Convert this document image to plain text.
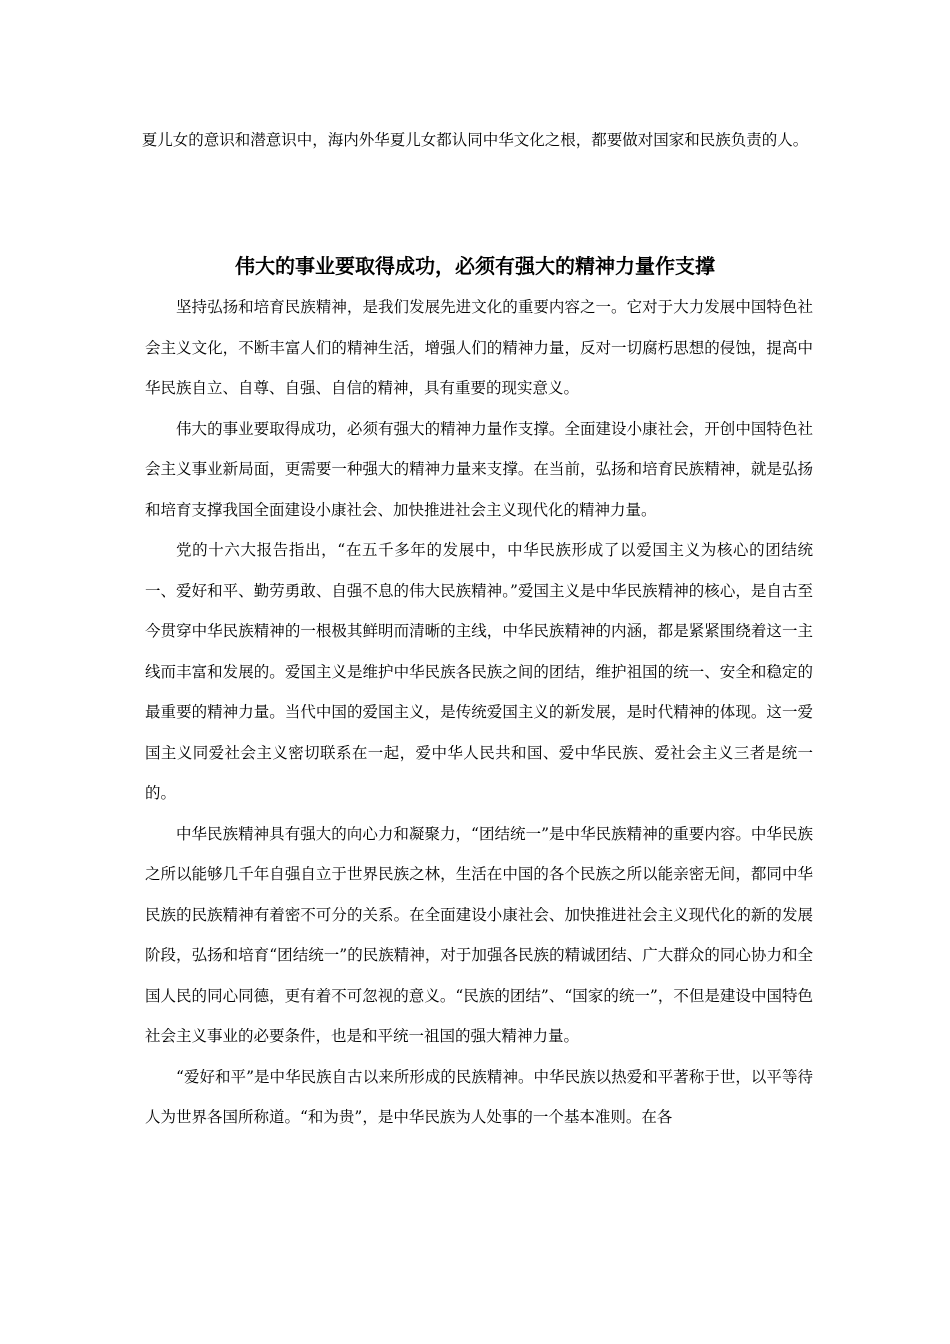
夏儿女的意识和潜意识中，海内外华夏儿女都认同中华文化之根，都要做对国家和民族负责的人。

伟大的事业要取得成功，必须有强大的精神力量作支撑

坚持弘扬和培育民族精神，是我们发展先进文化的重要内容之一。它对于大力发展中国特色社会主义文化，不断丰富人们的精神生活，增强人们的精神力量，反对一切腐朽思想的侵蚀，提高中华民族自立、自尊、自强、自信的精神，具有重要的现实意义。

伟大的事业要取得成功，必须有强大的精神力量作支撑。全面建设小康社会，开创中国特色社会主义事业新局面，更需要一种强大的精神力量来支撑。在当前，弘扬和培育民族精神，就是弘扬和培育支撑我国全面建设小康社会、加快推进社会主义现代化的精神力量。

党的十六大报告指出，“在五千多年的发展中，中华民族形成了以爱国主义为核心的团结统一、爱好和平、勤劳勇敢、自强不息的伟大民族精神。”爱国主义是中华民族精神的核心，是自古至今贯穿中华民族精神的一根极其鲜明而清晰的主线，中华民族精神的内涵，都是紧紧围绕着这一主线而丰富和发展的。爱国主义是维护中华民族各民族之间的团结，维护祖国的统一、安全和稳定的最重要的精神力量。当代中国的爱国主义，是传统爱国主义的新发展，是时代精神的体现。这一爱国主义同爱社会主义密切联系在一起，爱中华人民共和国、爱中华民族、爱社会主义三者是统一的。

中华民族精神具有强大的向心力和凝聚力，“团结统一”是中华民族精神的重要内容。中华民族之所以能够几千年自强自立于世界民族之林，生活在中国的各个民族之所以能亲密无间，都同中华民族的民族精神有着密不可分的关系。在全面建设小康社会、加快推进社会主义现代化的新的发展阶段，弘扬和培育“团结统一”的民族精神，对于加强各民族的精诚团结、广大群众的同心协力和全国人民的同心同德，更有着不可忽视的意义。“民族的团结”、“国家的统一”，不但是建设中国特色社会主义事业的必要条件，也是和平统一祖国的强大精神力量。

“爱好和平”是中华民族自古以来所形成的民族精神。中华民族以热爱和平著称于世，以平等待人为世界各国所称道。“和为贵”，是中华民族为人处事的一个基本准则。在各
